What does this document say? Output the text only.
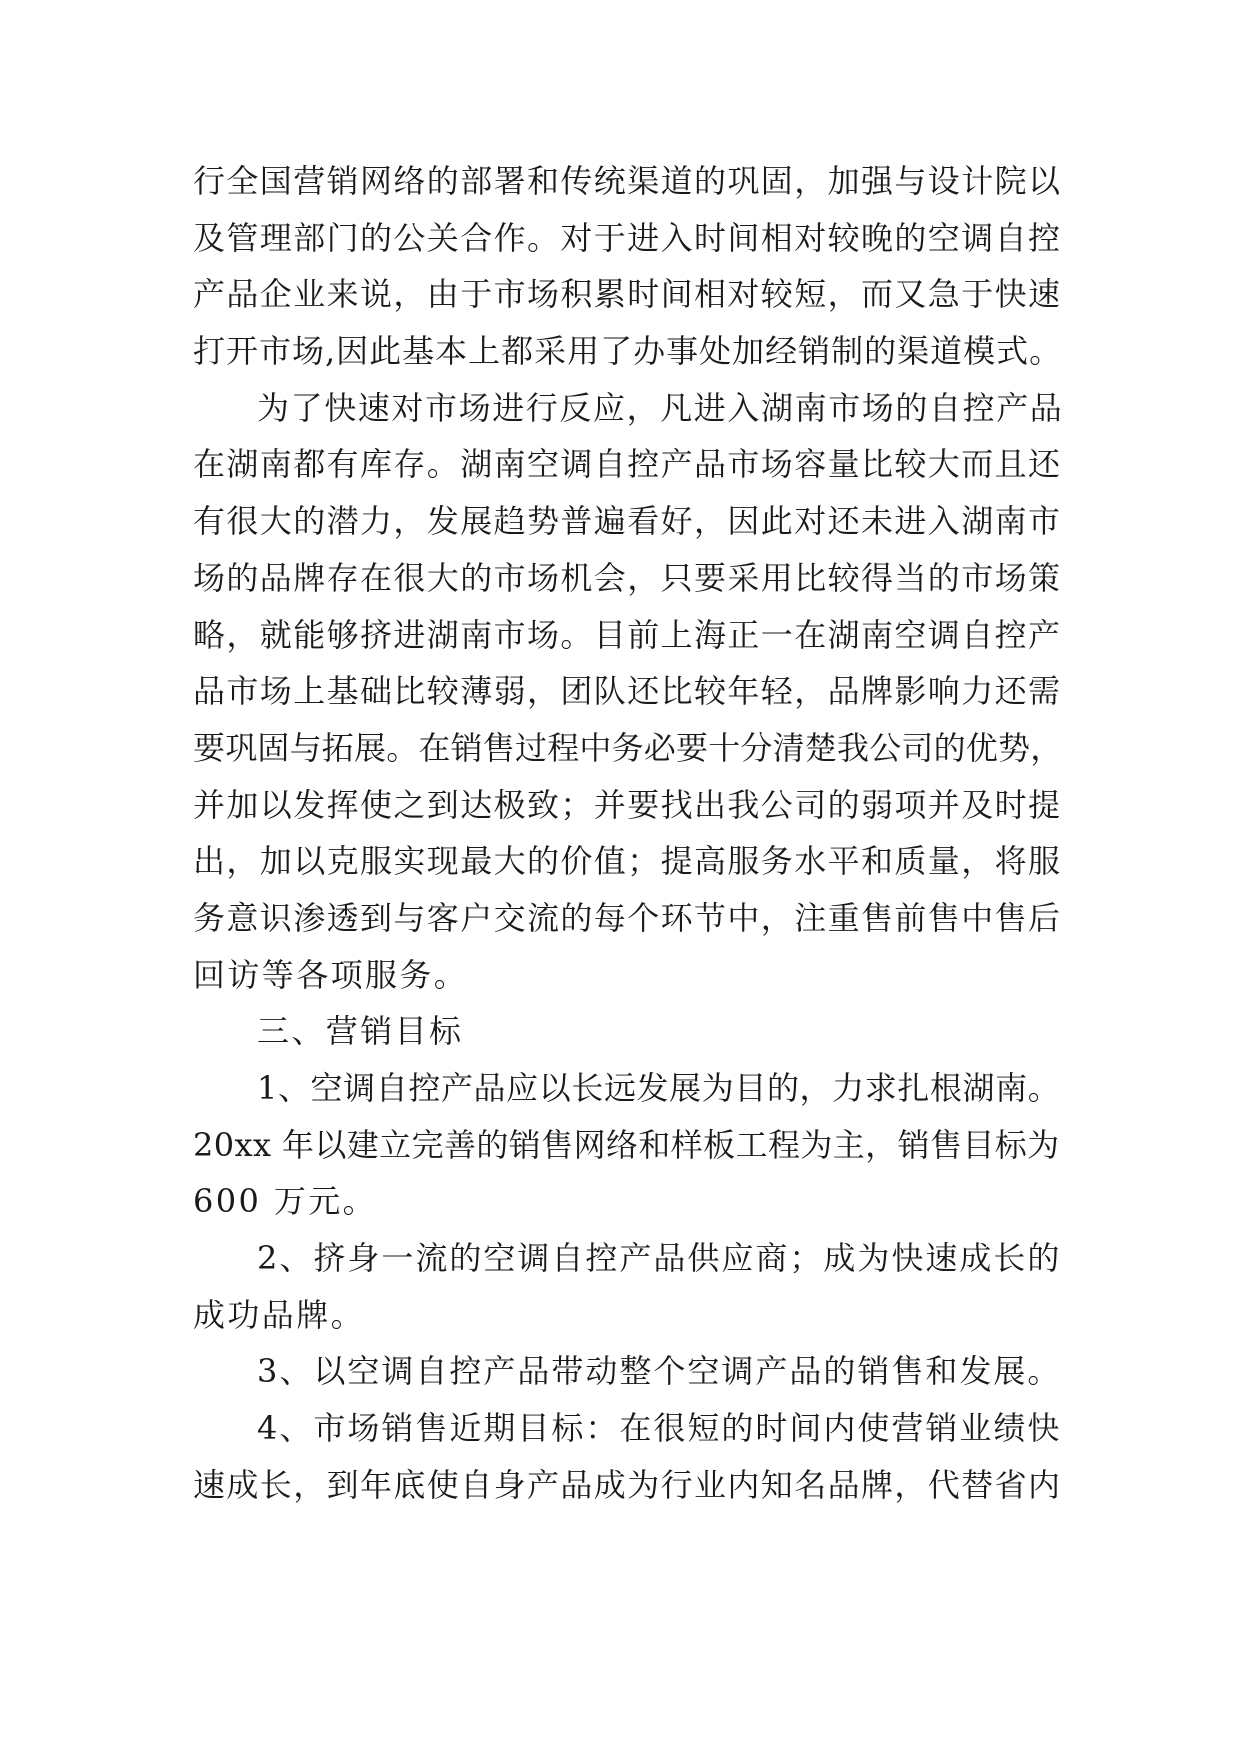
行全国营销网络的部署和传统渠道的巩固，加强与设计院以
及管理部门的公关合作。对于进入时间相对较晚的空调自控
产品企业来说，由于市场积累时间相对较短，而又急于快速
打开市场,因此基本上都采用了办事处加经销制的渠道模式。
为了快速对市场进行反应，凡进入湖南市场的自控产品
在湖南都有库存。湖南空调自控产品市场容量比较大而且还
有很大的潜力，发展趋势普遍看好，因此对还未进入湖南市
场的品牌存在很大的市场机会，只要采用比较得当的市场策
略，就能够挤进湖南市场。目前上海正一在湖南空调自控产
品市场上基础比较薄弱，团队还比较年轻，品牌影响力还需
要巩固与拓展。在销售过程中务必要十分清楚我公司的优势，
并加以发挥使之到达极致；并要找出我公司的弱项并及时提
出，加以克服实现最大的价值；提高服务水平和质量，将服
务意识渗透到与客户交流的每个环节中，注重售前售中售后
回访等各项服务。
三、营销目标
1、空调自控产品应以长远发展为目的，力求扎根湖南。
20xx 年以建立完善的销售网络和样板工程为主，销售目标为
600 万元。
2、挤身一流的空调自控产品供应商；成为快速成长的
成功品牌。
3、以空调自控产品带动整个空调产品的销售和发展。
4、市场销售近期目标：在很短的时间内使营销业绩快
速成长，到年底使自身产品成为行业内知名品牌，代替省内
